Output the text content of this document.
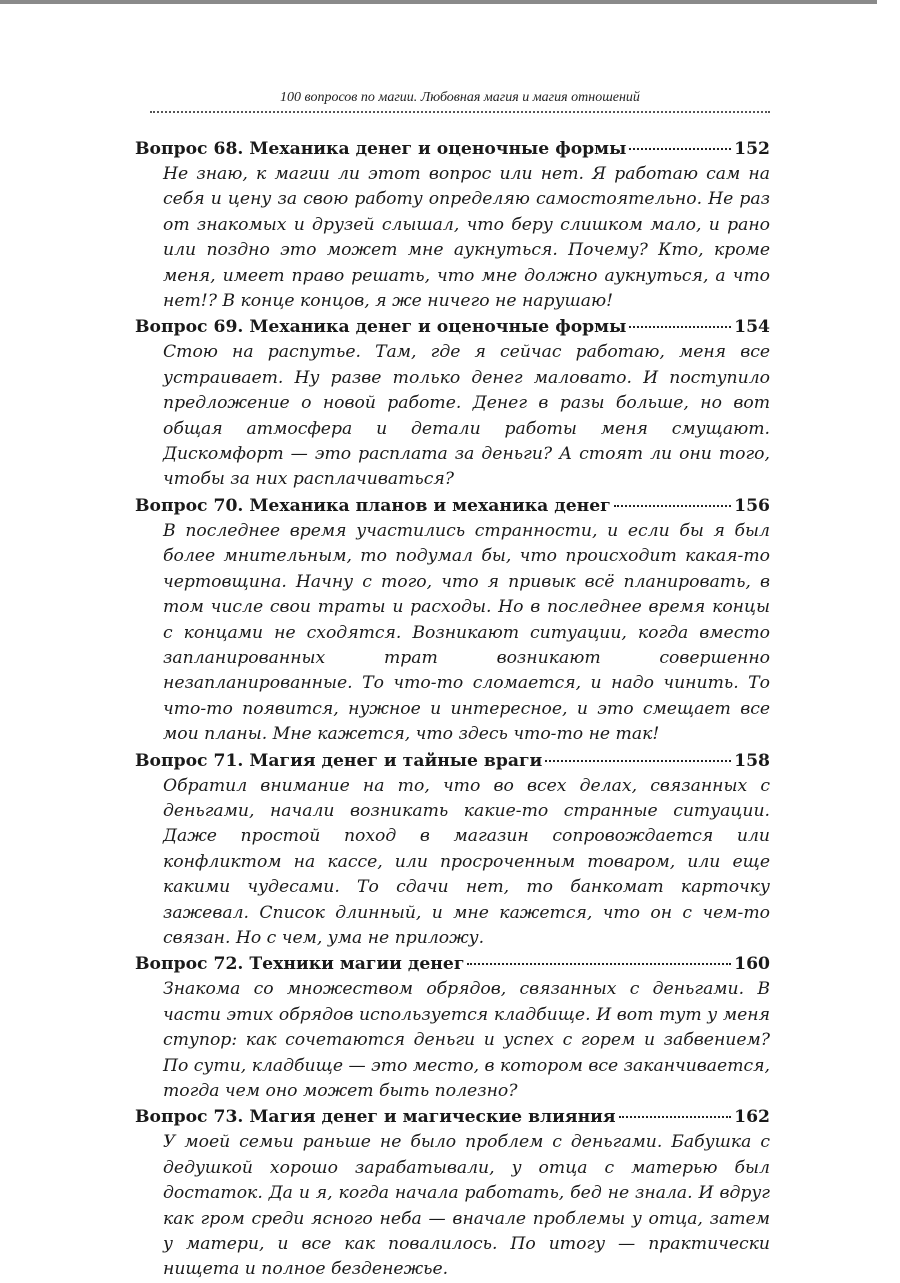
100 вопросов по магии. Любовная магия и магия отношений
Вопрос 68. Механика денег и оценочные формы	152

Не знаю, к магии ли этот вопрос или нет. Я работаю сам на себя и цену за свою работу определяю самостоятельно. Не раз от знакомых и друзей слышал, что беру слишком мало, и рано или поздно это может мне аукнуться. Почему? Кто, кроме меня, имеет право решать, что мне должно аукнуться, а что нет!? В конце концов, я же ничего не нарушаю!

Вопрос 69. Механика денег и оценочные формы	154

Стою на распутье. Там, где я сейчас работаю, меня все устраивает. Ну разве только денег маловато. И поступило предложение о новой работе. Денег в разы больше, но вот общая атмосфера и детали работы меня смущают. Дискомфорт — это расплата за деньги? А стоят ли они того, чтобы за них расплачиваться?

Вопрос 70. Механика планов и механика денег	156

В последнее время участились странности, и если бы я был более мнительным, то подумал бы, что происходит какая-то чертовщина. Начну с того, что я привык всё планировать, в том числе свои траты и расходы. Но в последнее время концы с концами не сходятся. Возникают ситуации, когда вместо запланированных трат возникают совершенно незапланированные. То что-то сломается, и надо чинить. То что-то появится, нужное и интересное, и это смещает все мои планы. Мне кажется, что здесь что-то не так!

Вопрос 71. Магия денег и тайные враги	158

Обратил внимание на то, что во всех делах, связанных с деньгами, начали возникать какие-то странные ситуации. Даже простой поход в магазин сопровождается или конфликтом на кассе, или просроченным товаром, или еще какими чудесами. То сдачи нет, то банкомат карточку зажевал. Список длинный, и мне кажется, что он с чем-то связан. Но с чем, ума не приложу.

Вопрос 72. Техники магии денег	160

Знакома со множеством обрядов, связанных с деньгами. В части этих обрядов используется кладбище. И вот тут у меня ступор: как сочетаются деньги и успех с горем и забвением? По сути, кладбище — это место, в котором все заканчивается, тогда чем оно может быть полезно?

Вопрос 73. Магия денег и магические влияния	162

У моей семьи раньше не было проблем с деньгами. Бабушка с дедушкой хорошо зарабатывали, у отца с матерью был достаток. Да и я, когда начала работать, бед не знала. И вдруг как гром среди ясного неба — вначале проблемы у отца, затем у матери, и все как повалилось. По итогу — практически нищета и полное безденежье.
